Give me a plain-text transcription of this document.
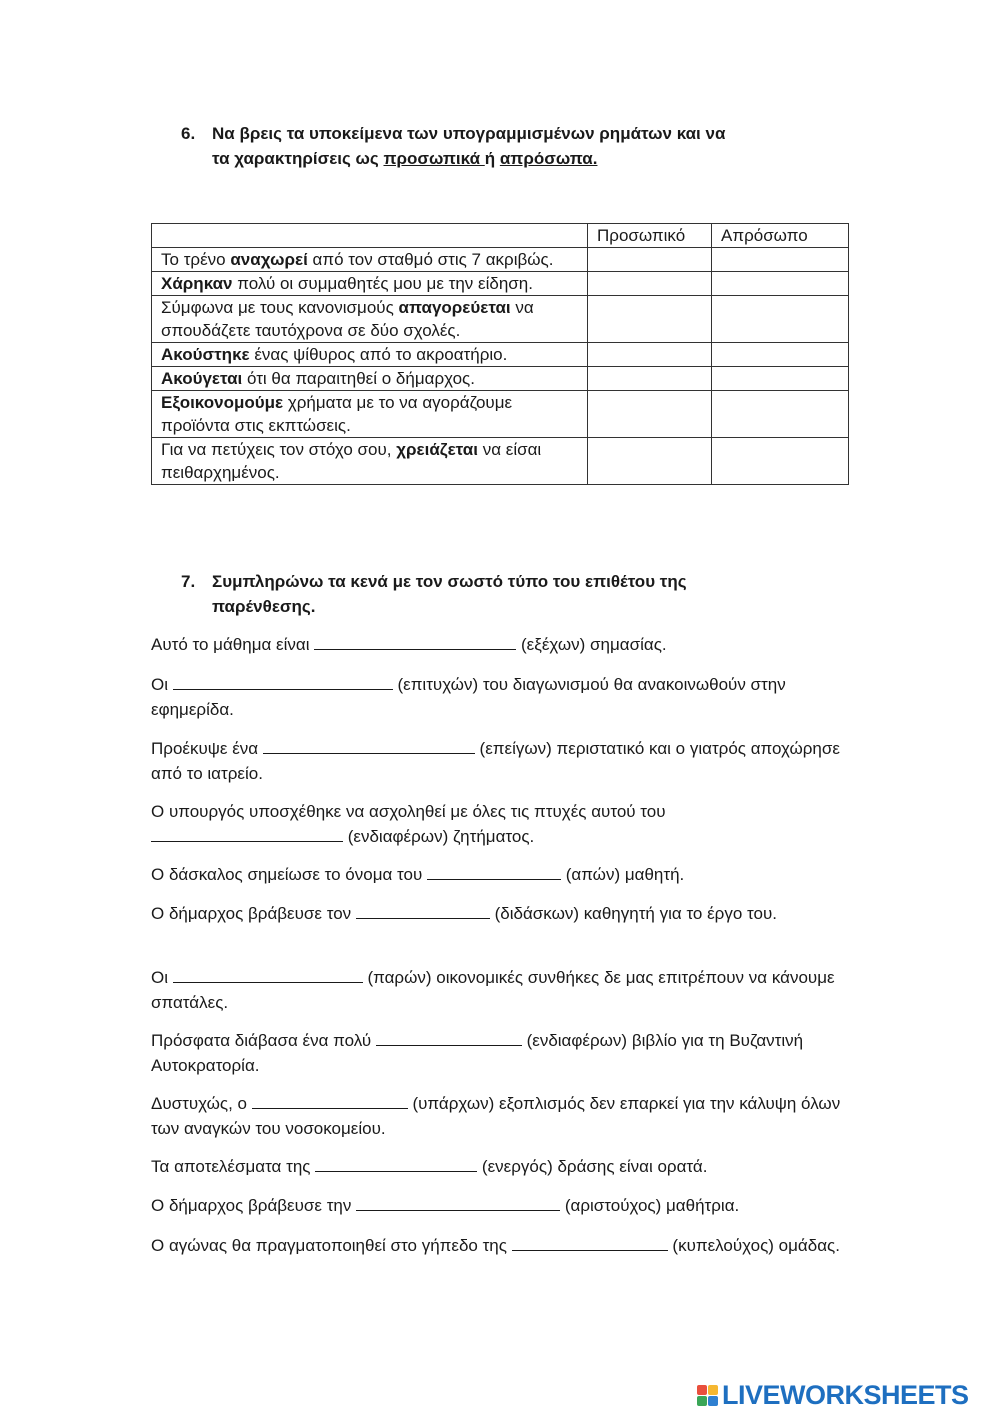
6. Να βρεις τα υποκείμενα των υπογραμμισμένων ρημάτων και να
τα χαρακτηρίσεις ως προσωπικά ή απρόσωπα.
	Προσωπικό	Απρόσωπο
Το τρένο αναχωρεί από τον σταθμό στις 7 ακριβώς.		
Χάρηκαν πολύ οι συμμαθητές μου με την είδηση.		
Σύμφωνα με τους κανονισμούς απαγορεύεται να σπουδάζετε ταυτόχρονα σε δύο σχολές.		
Ακούστηκε ένας ψίθυρος από το ακροατήριο.		
Ακούγεται ότι θα παραιτηθεί ο δήμαρχος.		
Εξοικονομούμε χρήματα με το να αγοράζουμε προϊόντα στις εκπτώσεις.		
Για να πετύχεις τον στόχο σου, χρειάζεται να είσαι πειθαρχημένος.		
7. Συμπληρώνω τα κενά με τον σωστό τύπο του επιθέτου της
παρένθεσης.
Αυτό το μάθημα είναι	(εξέχων) σημασίας.
Οι	(επιτυχών) του διαγωνισμού θα ανακοινωθούν στην εφημερίδα.
Προέκυψε ένα	(επείγων) περιστατικό και ο γιατρός αποχώρησε από το ιατρείο.
Ο υπουργός υποσχέθηκε να ασχοληθεί με όλες τις πτυχές αυτού του  (ενδιαφέρων) ζητήματος.
Ο δάσκαλος σημείωσε το όνομα του	(απών) μαθητή.
Ο δήμαρχος βράβευσε τον	(διδάσκων) καθηγητή για το έργο του.
Οι	(παρών) οικονομικές συνθήκες δε μας επιτρέπουν να κάνουμε σπατάλες.
Πρόσφατα διάβασα ένα πολύ	(ενδιαφέρων) βιβλίο για τη Βυζαντινή Αυτοκρατορία.
Δυστυχώς, ο	(υπάρχων) εξοπλισμός δεν επαρκεί για την κάλυψη όλων των αναγκών του νοσοκομείου.
Τα αποτελέσματα της	(ενεργός) δράσης είναι ορατά.
Ο δήμαρχος βράβευσε την	(αριστούχος) μαθήτρια.
Ο αγώνας θα πραγματοποιηθεί στο γήπεδο της	(κυπελούχος) ομάδας.
LIVEWORKSHEETS
